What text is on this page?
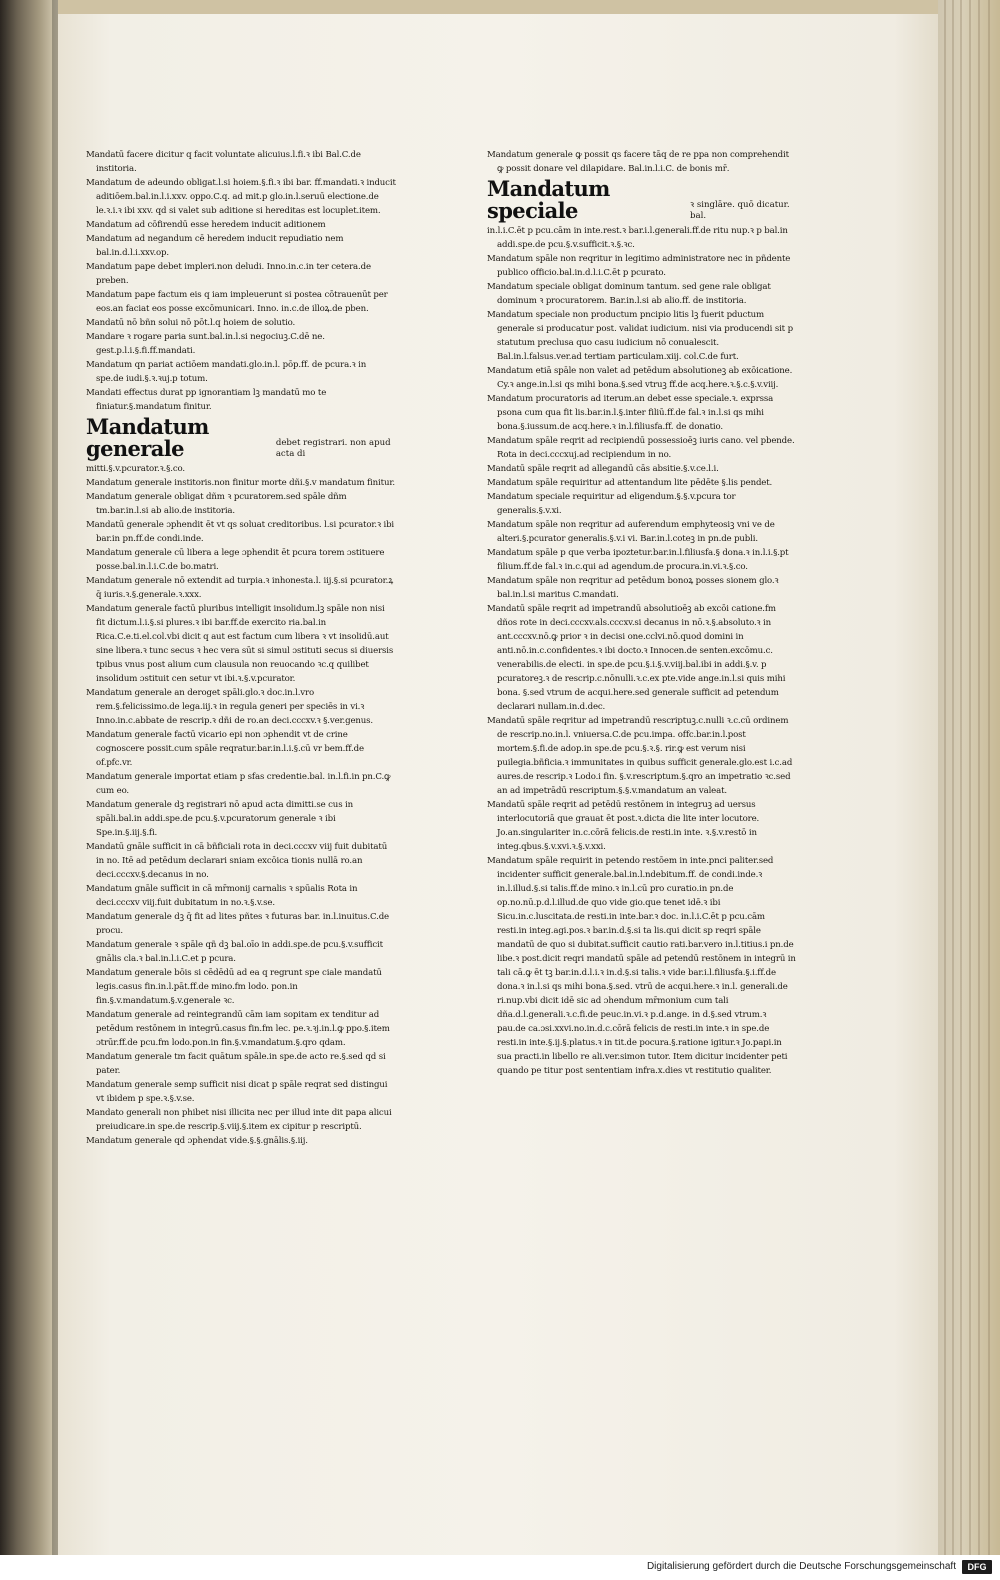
Mandatū facere dicitur q facit voluntate alicuius.l.fi.ꝛ ibi Bal.C.de institoria.

Mandatum de adeundo obligat.l.si hoiem.§.fi.ꝛ ibi bar. ff.mandati.ꝛ inducit aditiōem.bal.in.l.i.xxv. oppo.C.q. ad mit.p glo.in.l.seruū electione.de le.ꝛ.i.ꝛ ibi xxv. qd si valet sub aditione si hereditas est locuplet.item.

Mandatum ad cōfirendū esse heredem inducit aditionem

Mandatum ad negandum cē heredem inducit repudiatio nem bal.in.d.l.i.xxv.op.

Mandatum pape debet impleri.non deludi. Inno.in.c.in ter cetera.de preben.

Mandatum pape factum eis q iam impleuerunt si postea cōtrauenūt per eos.an faciat eos posse excōmunicari. Inno. in.c.de illoꝝ.de pben.

Mandatū nō bñn solui nō pōt.l.q hoiem de solutio.

Mandare ꝛ rogare paria sunt.bal.in.l.si negociuꝫ.C.dē ne. gest.p.l.i.§.fi.ff.mandati.

Mandatum qn pariat actiōem mandati.glo.in.l. pōp.ff. de pcura.ꝛ in spe.de iudi.§.ꝛ.ꝛuj.p totum.

Mandati effectus durat pp ignorantiam lꝫ mandatū mo te finiatur.§.mandatum finitur.

Mandatum generale	debet registrari. non apud acta di

mitti.§.v.pcurator.ꝛ.§.co.

Mandatum generale institoris.non finitur morte dñi.§.v mandatum finitur.

Mandatum generale obligat dñm ꝛ pcuratorem.sed spāle dñm tm.bar.in.l.si ab alio.de institoria.

Mandatū generale ɔphendit ēt vt qs soluat creditoribus. l.si pcurator.ꝛ ibi bar.in pn.ff.de condi.inde.

Mandatum generale cū libera a lege ɔphendit ēt pcura torem ɔstituere posse.bal.in.l.i.C.de bo.matri.

Mandatum generale nō extendit ad turpia.ꝛ inhonesta.l. iij.§.si pcurator.ꝝ q̄ iuris.ꝛ.§.generale.ꝛ.xxx.

Mandatum generale factū pluribus intelligit insolidum.lꝫ spāle non nisi fit dictum.l.i.§.si plures.ꝛ ibi bar.ff.de exercito ria.bal.in Rica.C.e.ti.el.col.vbi dicit q aut est factum cum libera ꝛ vt insolidū.aut sine libera.ꝛ tunc secus ꝛ hec vera sūt si simul ɔstituti secus si diuersis tpibus vnus post alium cum clausula non reuocando ꝛc.q quilibet insolidum ɔstituit cen setur vt ibi.ꝛ.§.v.pcurator.

Mandatum generale an deroget spāli.glo.ꝛ doc.in.l.vro rem.§.felicissimo.de lega.iij.ꝛ in regula generi per speciēs in vi.ꝛ Inno.in.c.abbate de rescrip.ꝛ dñi de ro.an deci.cccxv.ꝛ §.ver.genus.

Mandatum generale factū vicario epi non ɔphendit vt de crine cognoscere possit.cum spāle reqratur.bar.in.l.i.§.cū vr bem.ff.de of.pfc.vr.

Mandatum generale importat etiam p sfas credentie.bal. in.l.fi.in pn.C.ꝙ cum eo.

Mandatum generale dꝫ registrari nō apud acta dimitti.se cus in spāli.bal.in addi.spe.de pcu.§.v.pcuratorum generale ꝛ ibi Spe.in.§.iij.§.fi.

Mandatū gnāle sufficit in cā bñficiali rota in deci.cccxv viij fuit dubitatū in no. Itē ad petēdum declarari sniam excōica tionis nullā ro.an deci.cccxv.§.decanus in no.

Mandatum gnāle sufficit in cā mr̄monij carnalis ꝛ spūalis Rota in deci.cccxv viij.fuit dubitatum in no.ꝛ.§.v.se.

Mandatum generale dꝫ q̄ fit ad lites pñtes ꝛ futuras bar. in.l.inuitus.C.de procu.

Mandatum generale ꝛ spāle qñ dꝫ bal.oīo in addi.spe.de pcu.§.v.sufficit gnālis cla.ꝛ bal.in.l.i.C.et p pcura.

Mandatum generale bōis si cēdēdū ad ea q regrunt spe ciale mandatū legis.casus fin.in.l.pāt.ff.de mino.fm lodo. pon.in fin.§.v.mandatum.§.v.generale ꝛc.

Mandatum generale ad reintegrandū cām iam sopitam ex tenditur ad petēdum restōnem in integrū.casus fin.fm lec. pe.ꝛ.ꝛj.in.l.ꝙ ppo.§.item ɔtrūr.ff.de pcu.fm lodo.pon.in fin.§.v.mandatum.§.qro qdam.

Mandatum generale tm facit quātum spāle.in spe.de acto re.§.sed qd si pater.

Mandatum generale semp sufficit nisi dicat p spāle reqrat sed distingui vt ibidem p spe.ꝛ.§.v.se.

Mandato generali non phibet nisi illicita nec per illud inte dit papa alicui preiudicare.in spe.de rescrip.§.viij.§.item ex cipitur p rescriptū.

Mandatum generale qd ɔphendat vide.§.§.gnālis.§.iij.

Mandatum generale ꝙ possit qs facere tāq de re ppa non comprehendit ꝙ possit donare vel dilapidare. Bal.in.l.i.C. de bonis mr̄.

Mandatum speciale	ꝛ singlāre. quō dicatur. bal.

in.l.i.C.ēt p pcu.cām in inte.rest.ꝛ bar.i.l.generali.ff.de ritu nup.ꝛ p bal.in addi.spe.de pcu.§.v.sufficit.ꝛ.§.ꝛc.

Mandatum spāle non reqritur in legitimo administratore nec in pñdente publico officio.bal.in.d.l.i.C.ēt p pcurato.

Mandatum speciale obligat dominum tantum. sed gene rale obligat dominum ꝛ procuratorem. Bar.in.l.si ab alio.ff. de institoria.

Mandatum speciale non productum pncipio litis lꝫ fuerit pductum generale si producatur post. validat iudicium. nisi via producendi sit p statutum preclusa quo casu iudicium nō conualescit. Bal.in.l.falsus.ver.ad tertiam particulam.xiij. col.C.de furt.

Mandatum etiā spāle non valet ad petēdum absolutioneꝫ ab exōicatione. Cy.ꝛ ange.in.l.si qs mihi bona.§.sed vtruꝫ ff.de acq.here.ꝛ.§.c.§.v.viij.

Mandatum procuratoris ad iterum.an debet esse speciale.ꝛ. exprssa psona cum qua fit lis.bar.in.l.§.inter filiū.ff.de fal.ꝛ in.l.si qs mihi bona.§.iussum.de acq.here.ꝛ in.l.filiusfa.ff. de donatio.

Mandatum spāle reqrit ad recipiendū possessioēꝫ iuris cano. vel pbende. Rota in deci.cccxuj.ad recipiendum in no.

Mandatū spāle reqrit ad allegandū cās absitie.§.v.ce.l.i.

Mandatum spāle requiritur ad attentandum lite pēdēte §.lis pendet.

Mandatum speciale requiritur ad eligendum.§.§.v.pcura tor generalis.§.v.xi.

Mandatum spāle non reqritur ad auferendum emphyteosiꝫ vni ve de alteri.§.pcurator generalis.§.v.i vi. Bar.in.l.coteꝫ in pn.de publi.

Mandatum spāle p que verba ipoztetur.bar.in.l.filiusfa.§ dona.ꝛ in.l.i.§.pt filium.ff.de fal.ꝛ in.c.qui ad agendum.de procura.in.vi.ꝛ.§.co.

Mandatum spāle non reqritur ad petēdum bonoꝝ posses sionem glo.ꝛ bal.in.l.si maritus C.mandati.

Mandatū spāle reqrit ad impetrandū absolutioēꝫ ab excōi catione.fm dños rote in deci.cccxv.als.cccxv.si decanus in nō.ꝛ.§.absoluto.ꝛ in ant.cccxv.nō.ꝙ prior ꝛ in decisi one.cclvi.nō.quod domini in anti.nō.in.c.confidentes.ꝛ ibi docto.ꝛ Innocen.de senten.excōmu.c. venerabilis.de electi. in spe.de pcu.§.i.§.v.viij.bal.ibi in addi.§.v. p pcuratoreꝫ.ꝛ de rescrip.c.nōnulli.ꝛ.c.ex pte.vide ange.in.l.si quis mihi bona. §.sed vtrum de acqui.here.sed generale sufficit ad petendum declarari nullam.in.d.dec.

Mandatū spāle reqritur ad impetrandū rescriptuꝫ.c.nulli ꝛ.c.cū ordinem de rescrip.no.in.l. vniuersa.C.de pcu.impa. offc.bar.in.l.post mortem.§.fi.de adop.in spe.de pcu.§.ꝛ.§. rir.ꝙ est verum nisi puilegia.bñficia.ꝛ immunitates in quibus sufficit generale.glo.est i.c.ad aures.de rescrip.ꝛ Lodo.i fin. §.v.rescriptum.§.qro an impetratio ꝛc.sed an ad impetrādū rescriptum.§.§.v.mandatum an valeat.

Mandatū spāle reqrit ad petēdū restōnem in integruꝫ ad uersus interlocutoriā que grauat ēt post.ꝛ.dicta die lite inter locutore. Jo.an.singulariter in.c.cōrā felicis.de resti.in inte. ꝛ.§.v.restō in integ.qbus.§.v.xvi.ꝛ.§.v.xxi.

Mandatum spāle requirit in petendo restōem in inte.pnci paliter.sed incidenter sufficit generale.bal.in.l.ndebitum.ff. de condi.inde.ꝛ in.l.illud.§.si talis.ff.de mino.ꝛ in.l.cū pro curatio.in pn.de op.no.nū.p.d.l.illud.de quo vide gio.que tenet idē.ꝛ ibi Sicu.in.c.luscitata.de resti.in inte.bar.ꝛ doc. in.l.i.C.ēt p pcu.cām resti.in integ.agi.pos.ꝛ bar.in.d.§.si ta lis.qui dicit sp reqri spāle mandatū de quo si dubitat.sufficit cautio rati.bar.vero in.l.titius.i pn.de libe.ꝛ post.dicit reqri mandatū spāle ad petendū restōnem in integrū in tali cā.ꝙ ēt tꝫ bar.in.d.l.i.ꝛ in.d.§.si talis.ꝛ vide bar.i.l.filiusfa.§.i.ff.de dona.ꝛ in.l.si qs mihi bona.§.sed. vtrū de acqui.here.ꝛ in.l. generali.de ri.nup.vbi dicit idē sic ad ɔhendum mr̄monium cum tali dña.d.l.generali.ꝛ.c.fi.de peuc.in.vi.ꝛ p.d.ange. in d.§.sed vtrum.ꝛ pau.de ca.ɔsi.xxvi.no.in.d.c.cōrā felicis de resti.in inte.ꝛ in spe.de resti.in inte.§.ij.§.platus.ꝛ in tit.de pocura.§.ratione igitur.ꝛ Jo.papi.in sua practi.in libello re ali.ver.simon tutor. Item dicitur incidenter peti quando pe titur post sententiam infra.x.dies vt restitutio qualiter.

Digitalisierung gefördert durch die Deutsche Forschungsgemeinschaft	DFG
